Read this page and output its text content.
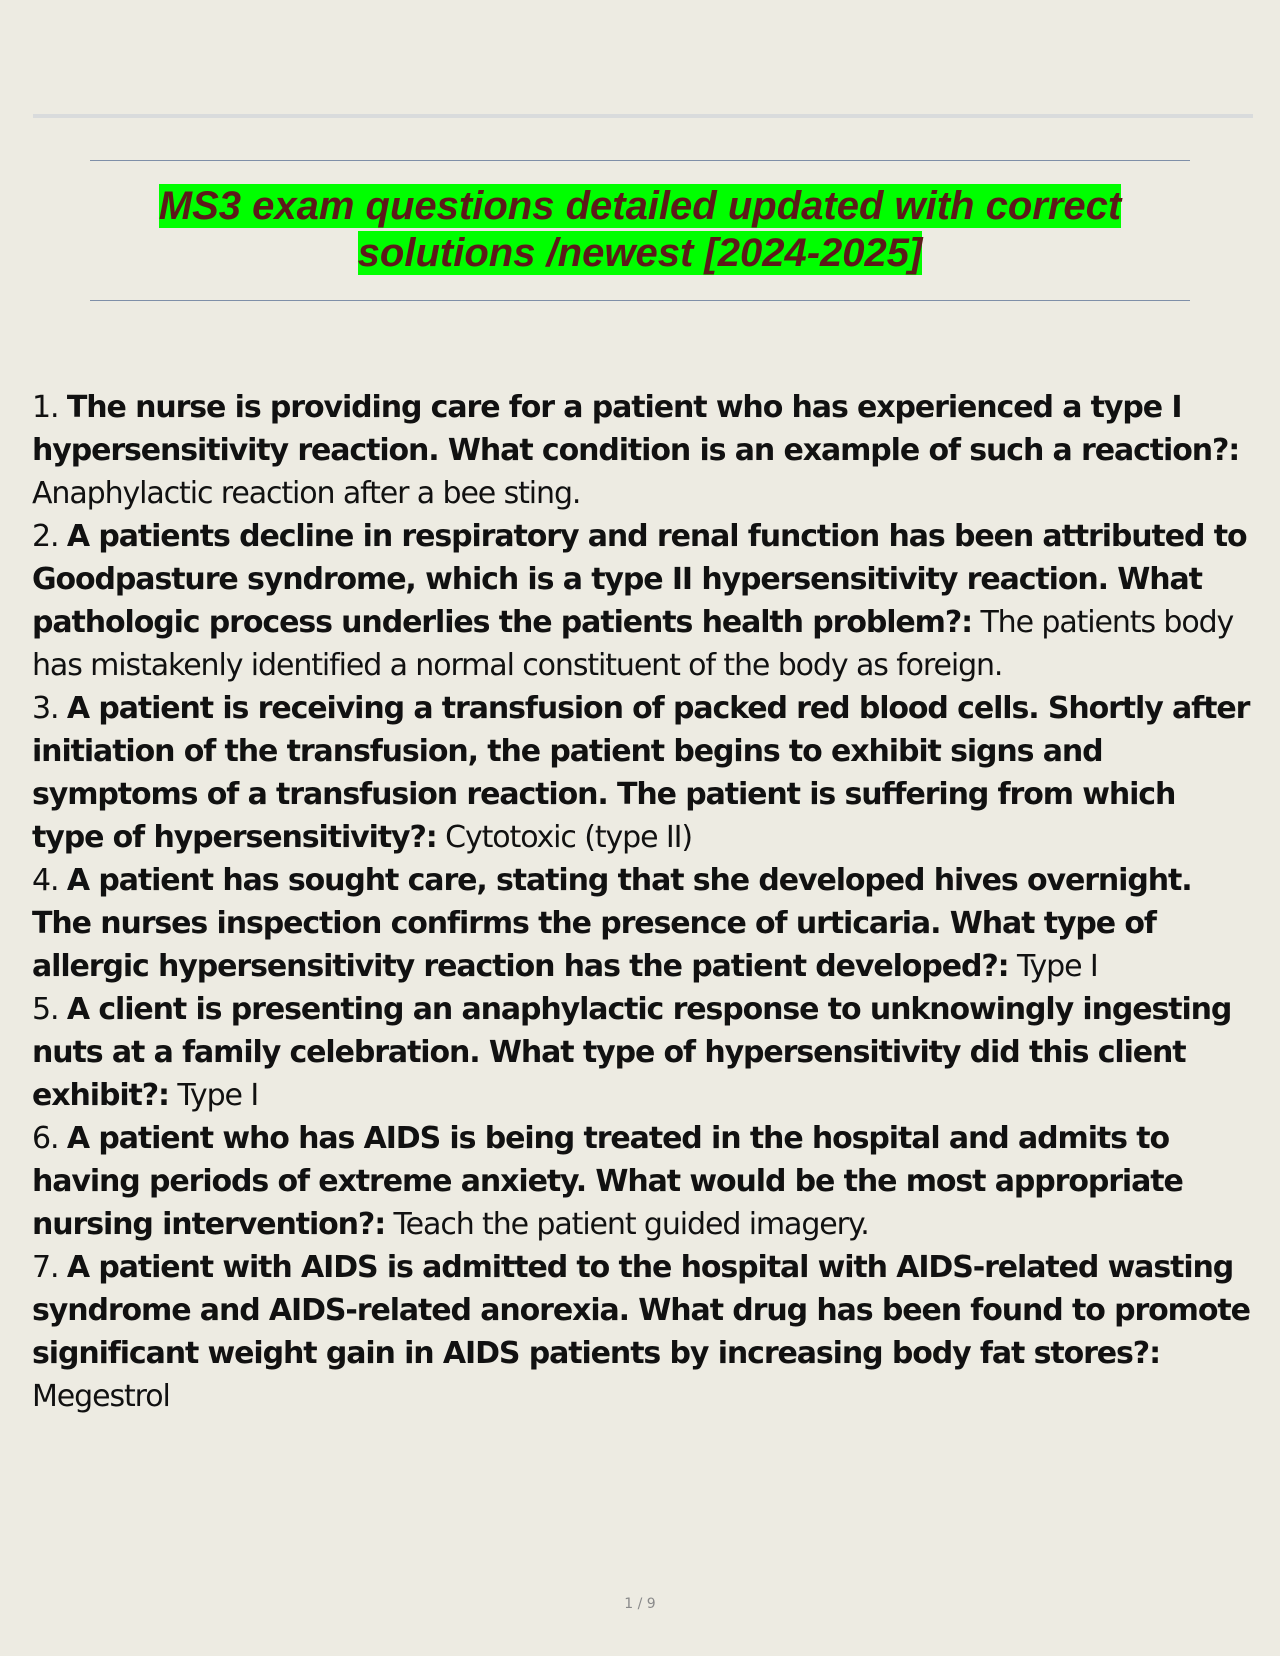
MS3 exam questions detailed updated with correct solutions /newest [2024-2025]
1. The nurse is providing care for a patient who has experienced a type I hypersensitivity reaction. What condition is an example of such a reaction?: Anaphylactic reaction after a bee sting.
2. A patients decline in respiratory and renal function has been attributed to Goodpasture syndrome, which is a type II hypersensitivity reaction. What pathologic process underlies the patients health problem?: The patients body has mistakenly identified a normal constituent of the body as foreign.
3. A patient is receiving a transfusion of packed red blood cells. Shortly after initiation of the transfusion, the patient begins to exhibit signs and symptoms of a transfusion reaction. The patient is suffering from which type of hypersensitivity?: Cytotoxic (type II)
4. A patient has sought care, stating that she developed hives overnight. The nurses inspection confirms the presence of urticaria. What type of allergic hypersensitivity reaction has the patient developed?: Type I
5. A client is presenting an anaphylactic response to unknowingly ingesting nuts at a family celebration. What type of hypersensitivity did this client exhibit?: Type I
6. A patient who has AIDS is being treated in the hospital and admits to having periods of extreme anxiety. What would be the most appropriate nursing intervention?: Teach the patient guided imagery.
7. A patient with AIDS is admitted to the hospital with AIDS-related wasting syndrome and AIDS-related anorexia. What drug has been found to promote significant weight gain in AIDS patients by increasing body fat stores?: Megestrol
1 / 9
